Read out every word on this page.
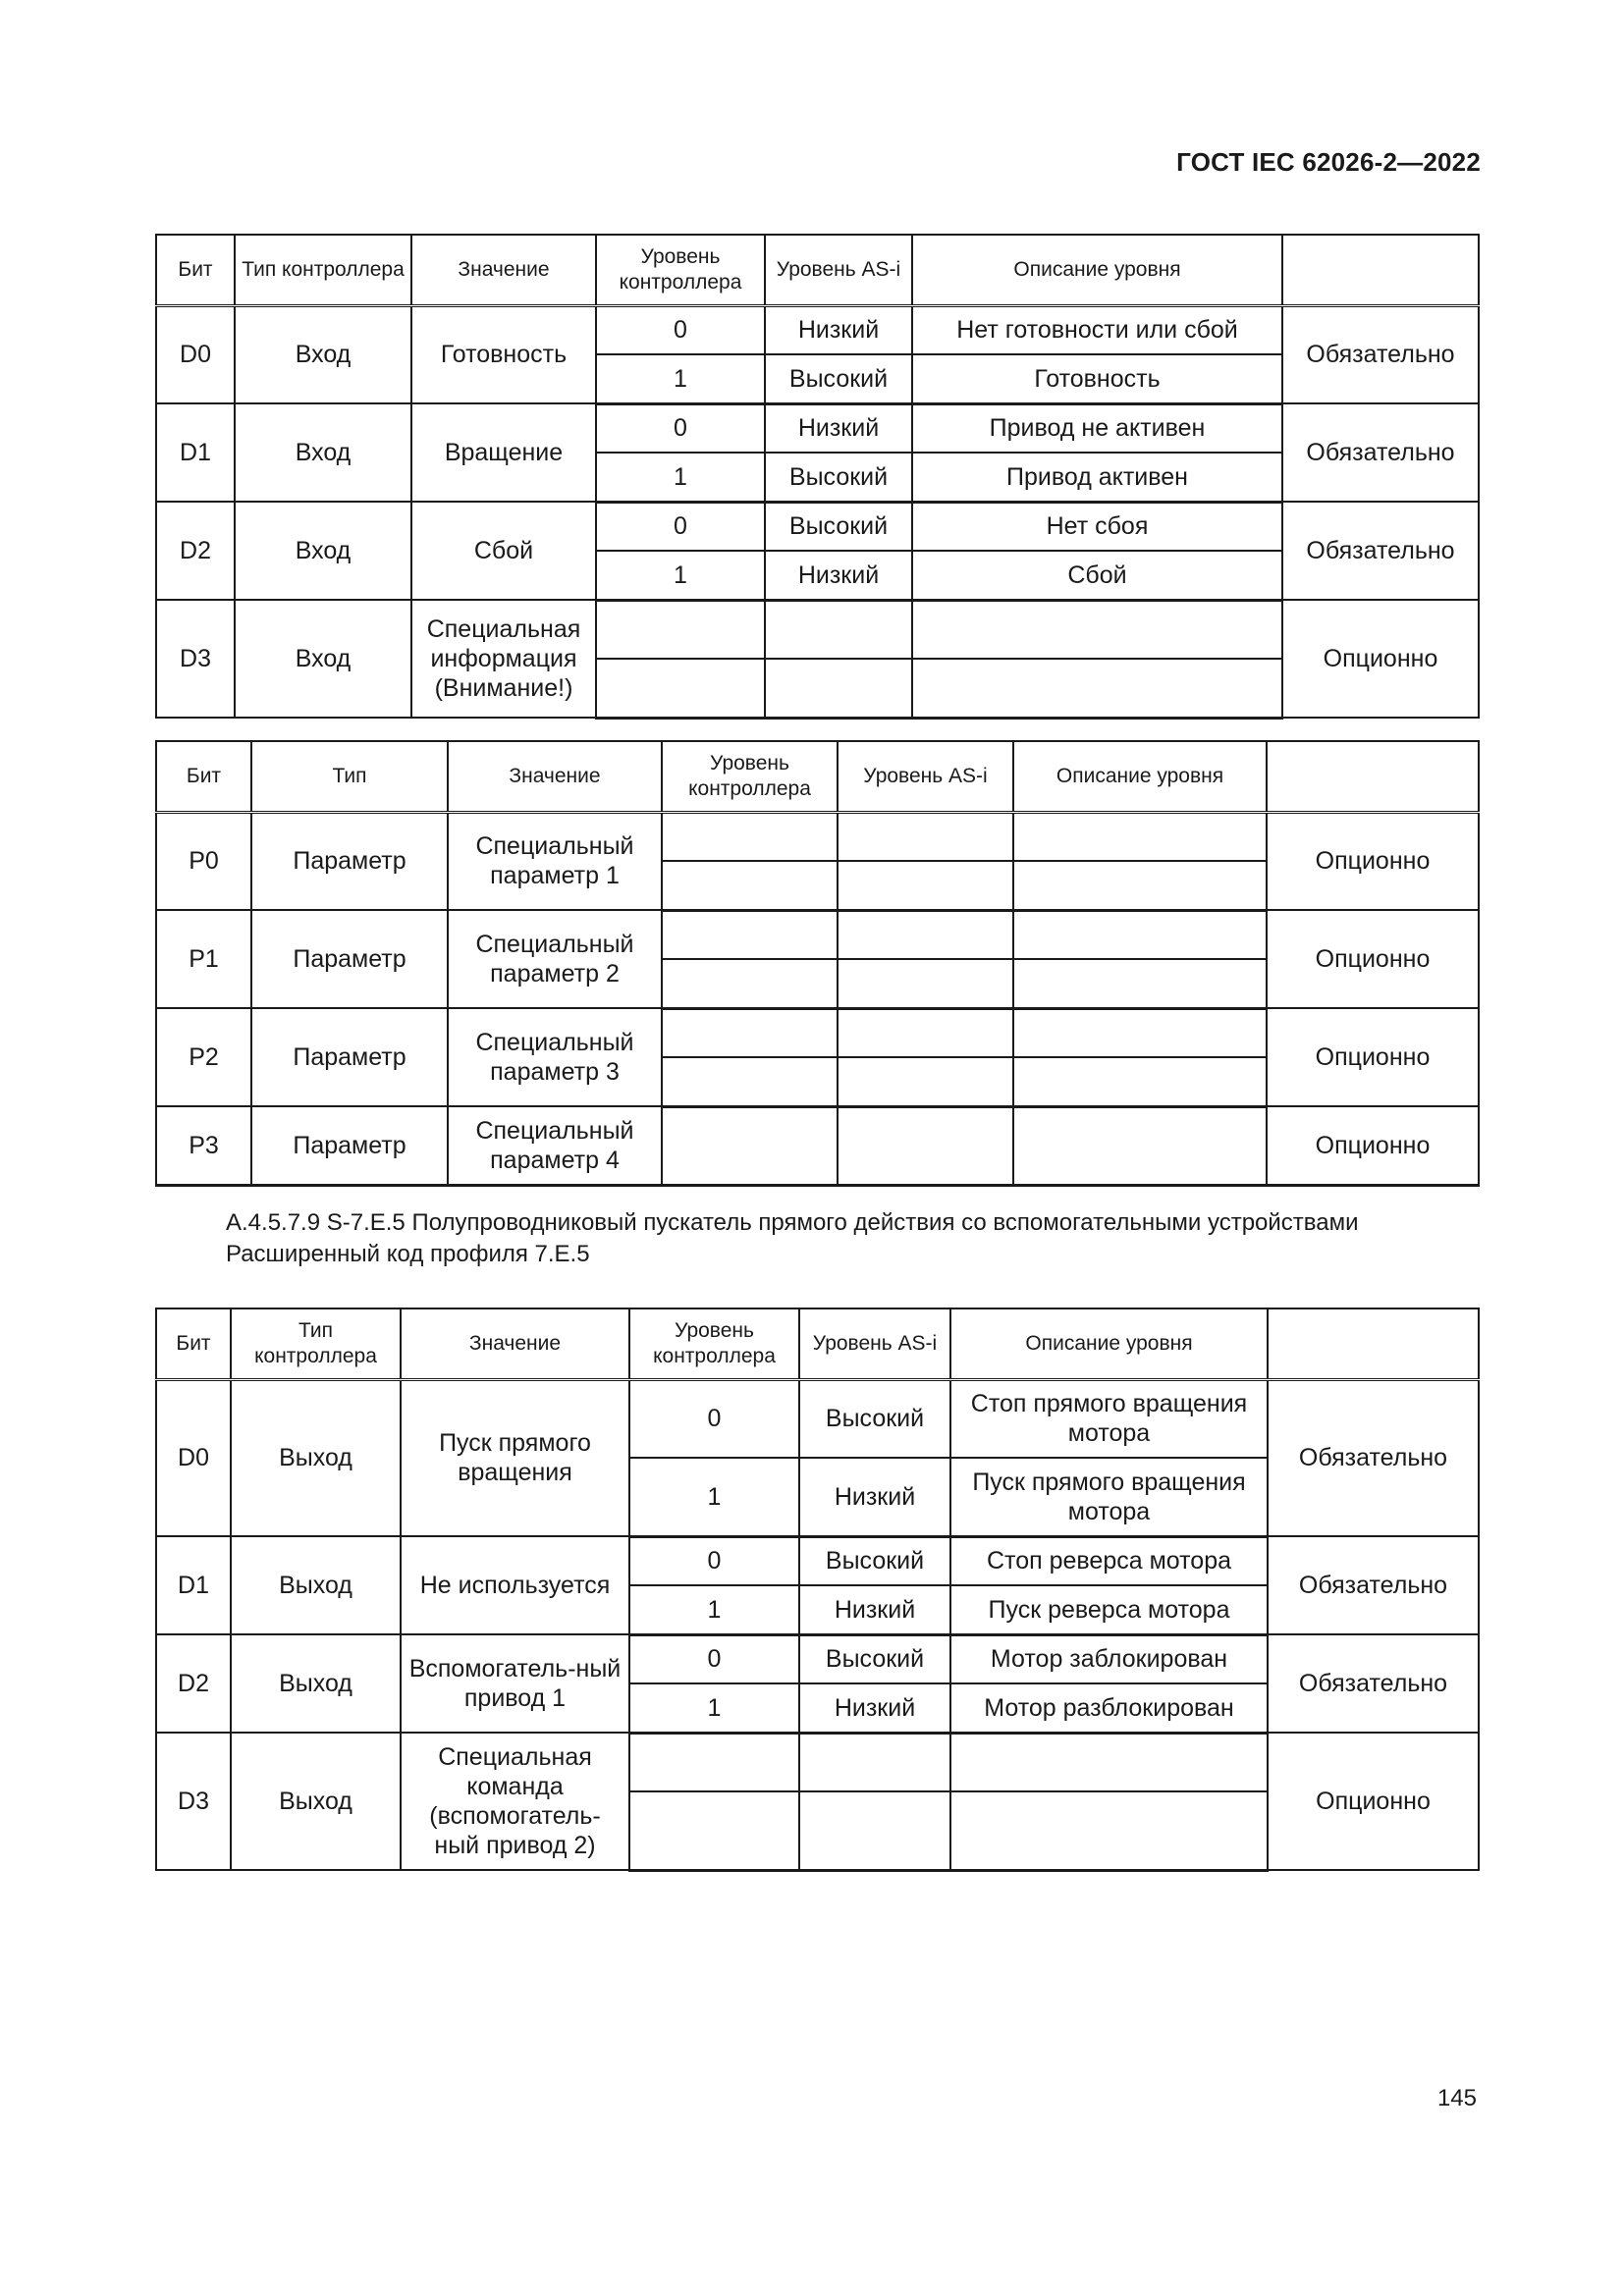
ГОСТ IEC 62026-2—2022
Бит	Тип контроллера	Значение	Уровень контроллера	Уровень AS-i	Описание уровня	
D0	Вход	Готовность	0	Низкий	Нет готовности или сбой	Обязательно
			1	Высокий	Готовность	
D1	Вход	Вращение	0	Низкий	Привод не активен	Обязательно
			1	Высокий	Привод активен	
D2	Вход	Сбой	0	Высокий	Нет сбоя	Обязательно
			1	Низкий	Сбой	
D3	Вход	Специальная информация (Внимание!)				Опционно

Бит	Тип	Значение	Уровень контроллера	Уровень AS-i	Описание уровня	
P0	Параметр	Специальный параметр 1				Опционно

P1	Параметр	Специальный параметр 2				Опционно

P2	Параметр	Специальный параметр 3				Опционно

P3	Параметр	Специальный параметр 4				Опционно
А.4.5.7.9 S-7.E.5 Полупроводниковый пускатель прямого действия со вспомогательными устройствами
Расширенный код профиля 7.E.5
Бит	Тип контроллера	Значение	Уровень контроллера	Уровень AS-i	Описание уровня	
D0	Выход	Пуск прямого вращения	0	Высокий	Стоп прямого вращения мотора	Обязательно
			1	Низкий	Пуск прямого вращения мотора	
D1	Выход	Не используется	0	Высокий	Стоп реверса мотора	Обязательно
			1	Низкий	Пуск реверса мотора	
D2	Выход	Вспомогатель-ный привод 1	0	Высокий	Мотор заблокирован	Обязательно
			1	Низкий	Мотор разблокирован	
D3	Выход	Специальная команда (вспомогатель-ный привод 2)				Опционно

145
